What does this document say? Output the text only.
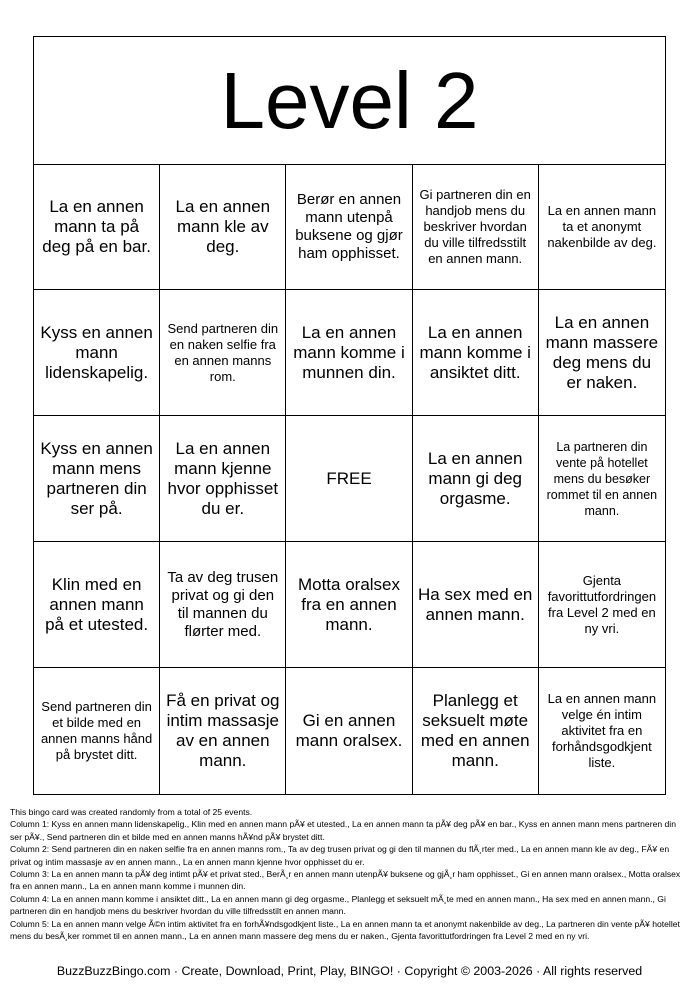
Level 2
La en annen mann ta på deg på en bar.
La en annen mann kle av deg.
Berør en annen mann utenpå buksene og gjør ham opphisset.
Gi partneren din en handjob mens du beskriver hvordan du ville tilfredsstilt en annen mann.
La en annen mann ta et anonymt nakenbilde av deg.
Kyss en annen mann lidenskapelig.
Send partneren din en naken selfie fra en annen manns rom.
La en annen mann komme i munnen din.
La en annen mann komme i ansiktet ditt.
La en annen mann massere deg mens du er naken.
Kyss en annen mann mens partneren din ser på.
La en annen mann kjenne hvor opphisset du er.
FREE
La en annen mann gi deg orgasme.
La partneren din vente på hotellet mens du besøker rommet til en annen mann.
Klin med en annen mann på et utested.
Ta av deg trusen privat og gi den til mannen du flørter med.
Motta oralsex fra en annen mann.
Ha sex med en annen mann.
Gjenta favorittutfordringen fra Level 2 med en ny vri.
Send partneren din et bilde med en annen manns hånd på brystet ditt.
Få en privat og intim massasje av en annen mann.
Gi en annen mann oralsex.
Planlegg et seksuelt møte med en annen mann.
La en annen mann velge én intim aktivitet fra en forhåndsgodkjent liste.
This bingo card was created randomly from a total of 25 events.
Column 1: Kyss en annen mann lidenskapelig., Klin med en annen mann pÃ¥ et utested., La en annen mann ta pÃ¥ deg pÃ¥ en bar., Kyss en annen mann mens partneren din ser pÃ¥., Send partneren din et bilde med en annen manns hÃ¥nd pÃ¥ brystet ditt.
Column 2: Send partneren din en naken selfie fra en annen manns rom., Ta av deg trusen privat og gi den til mannen du flÃ¸rter med., La en annen mann kle av deg., FÃ¥ en privat og intim massasje av en annen mann., La en annen mann kjenne hvor opphisset du er.
Column 3: La en annen mann ta pÃ¥ deg intimt pÃ¥ et privat sted., BerÃ¸r en annen mann utenpÃ¥ buksene og gjÃ¸r ham opphisset., Gi en annen mann oralsex., Motta oralsex fra en annen mann., La en annen mann komme i munnen din.
Column 4: La en annen mann komme i ansiktet ditt., La en annen mann gi deg orgasme., Planlegg et seksuelt mÃ¸te med en annen mann., Ha sex med en annen mann., Gi partneren din en handjob mens du beskriver hvordan du ville tilfredsstilt en annen mann.
Column 5: La en annen mann velge Ã©n intim aktivitet fra en forhÃ¥ndsgodkjent liste., La en annen mann ta et anonymt nakenbilde av deg., La partneren din vente pÃ¥ hotellet mens du besÃ¸ker rommet til en annen mann., La en annen mann massere deg mens du er naken., Gjenta favorittutfordringen fra Level 2 med en ny vri.
BuzzBuzzBingo.com · Create, Download, Print, Play, BINGO! · Copyright © 2003-2026 · All rights reserved
